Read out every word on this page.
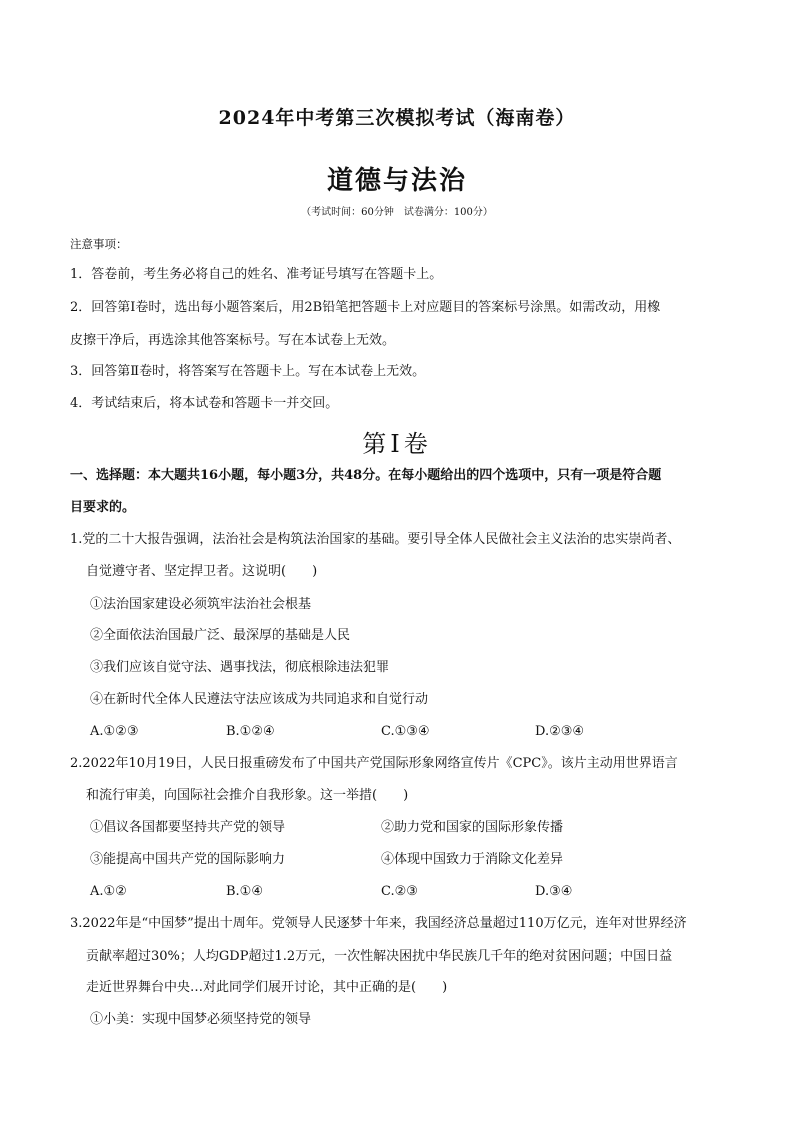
2024年中考第三次模拟考试（海南卷）
道德与法治
（考试时间：60分钟　试卷满分：100分）
注意事项：
1．答卷前，考生务必将自己的姓名、准考证号填写在答题卡上。
2．回答第Ⅰ卷时，选出每小题答案后，用2B铅笔把答题卡上对应题目的答案标号涂黑。如需改动，用橡
皮擦干净后，再选涂其他答案标号。写在本试卷上无效。
3．回答第Ⅱ卷时，将答案写在答题卡上。写在本试卷上无效。
4．考试结束后，将本试卷和答题卡一并交回。
第Ⅰ卷
一、选择题：本大题共16小题，每小题3分，共48分。在每小题给出的四个选项中，只有一项是符合题
目要求的。
1.党的二十大报告强调，法治社会是构筑法治国家的基础。要引导全体人民做社会主义法治的忠实崇尚者、
自觉遵守者、坚定捍卫者。这说明(　　)
①法治国家建设必须筑牢法治社会根基
②全面依法治国最广泛、最深厚的基础是人民
③我们应该自觉守法、遇事找法，彻底根除违法犯罪
④在新时代全体人民遵法守法应该成为共同追求和自觉行动
A.①②③	B.①②④	C.①③④	D.②③④
2.2022年10月19日，人民日报重磅发布了中国共产党国际形象网络宣传片《CPC》。该片主动用世界语言
和流行审美，向国际社会推介自我形象。这一举措(　　)
①倡议各国都要坚持共产党的领导	②助力党和国家的国际形象传播
③能提高中国共产党的国际影响力	④体现中国致力于消除文化差异
A.①②	B.①④	C.②③	D.③④
3.2022年是“中国梦”提出十周年。党领导人民逐梦十年来，我国经济总量超过110万亿元，连年对世界经济
贡献率超过30%；人均GDP超过1.2万元，一次性解决困扰中华民族几千年的绝对贫困问题；中国日益
走近世界舞台中央…对此同学们展开讨论，其中正确的是(　　)
①小美：实现中国梦必须坚持党的领导
